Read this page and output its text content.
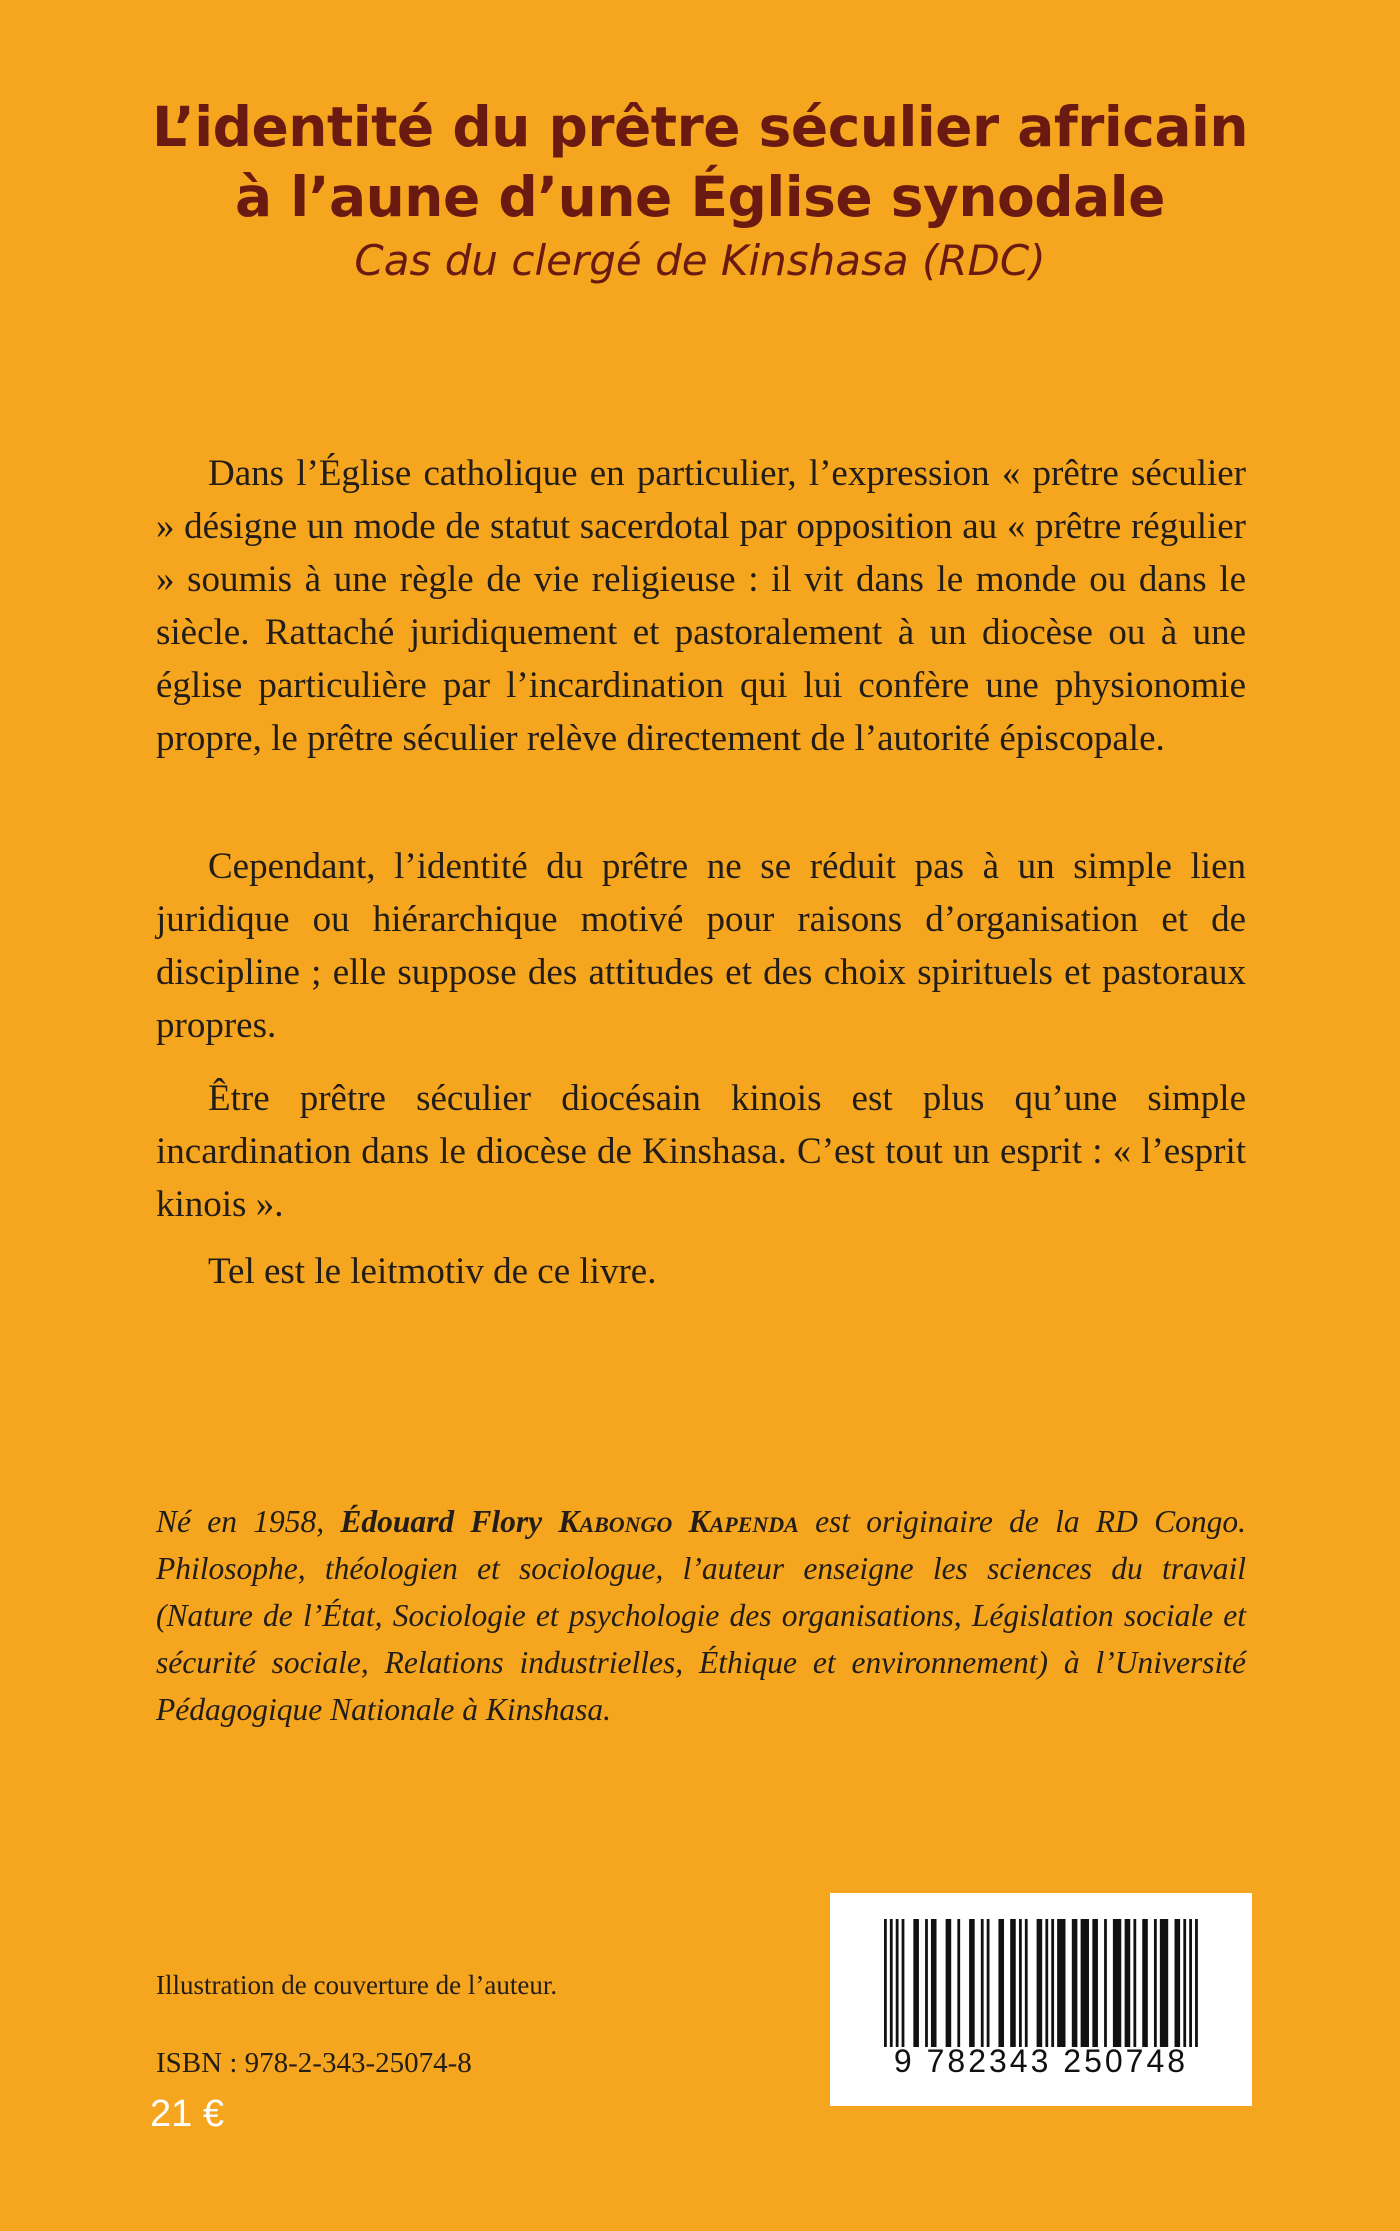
L’identité du prêtre séculier africain
à l’aune d’une Église synodale
Cas du clergé de Kinshasa (RDC)

Dans l’Église catholique en particulier, l’expression « prêtre séculier » désigne un mode de statut sacerdotal par opposition au « prêtre régulier » soumis à une règle de vie religieuse : il vit dans le monde ou dans le siècle. Rattaché juridiquement et pastoralement à un diocèse ou à une église particulière par l’incardination qui lui confère une physionomie propre, le prêtre séculier relève directement de l’autorité épiscopale.

Cependant, l’identité du prêtre ne se réduit pas à un simple lien juridique ou hiérarchique motivé pour raisons d’organisation et de discipline ; elle suppose des attitudes et des choix spirituels et pastoraux propres.

Être prêtre séculier diocésain kinois est plus qu’une simple incardination dans le diocèse de Kinshasa. C’est tout un esprit : « l’esprit kinois ».

Tel est le leitmotiv de ce livre.

Né en 1958, Édouard Flory Kabongo Kapenda est originaire de la RD Congo. Philosophe, théologien et sociologue, l’auteur enseigne les sciences du travail (Nature de l’État, Sociologie et psychologie des organisations, Législation sociale et sécurité sociale, Relations industrielles, Éthique et environnement) à l’Université Pédagogique Nationale à Kinshasa.

Illustration de couverture de l’auteur.
ISBN : 978-2-343-25074-8
21 €
9 782343 250748
